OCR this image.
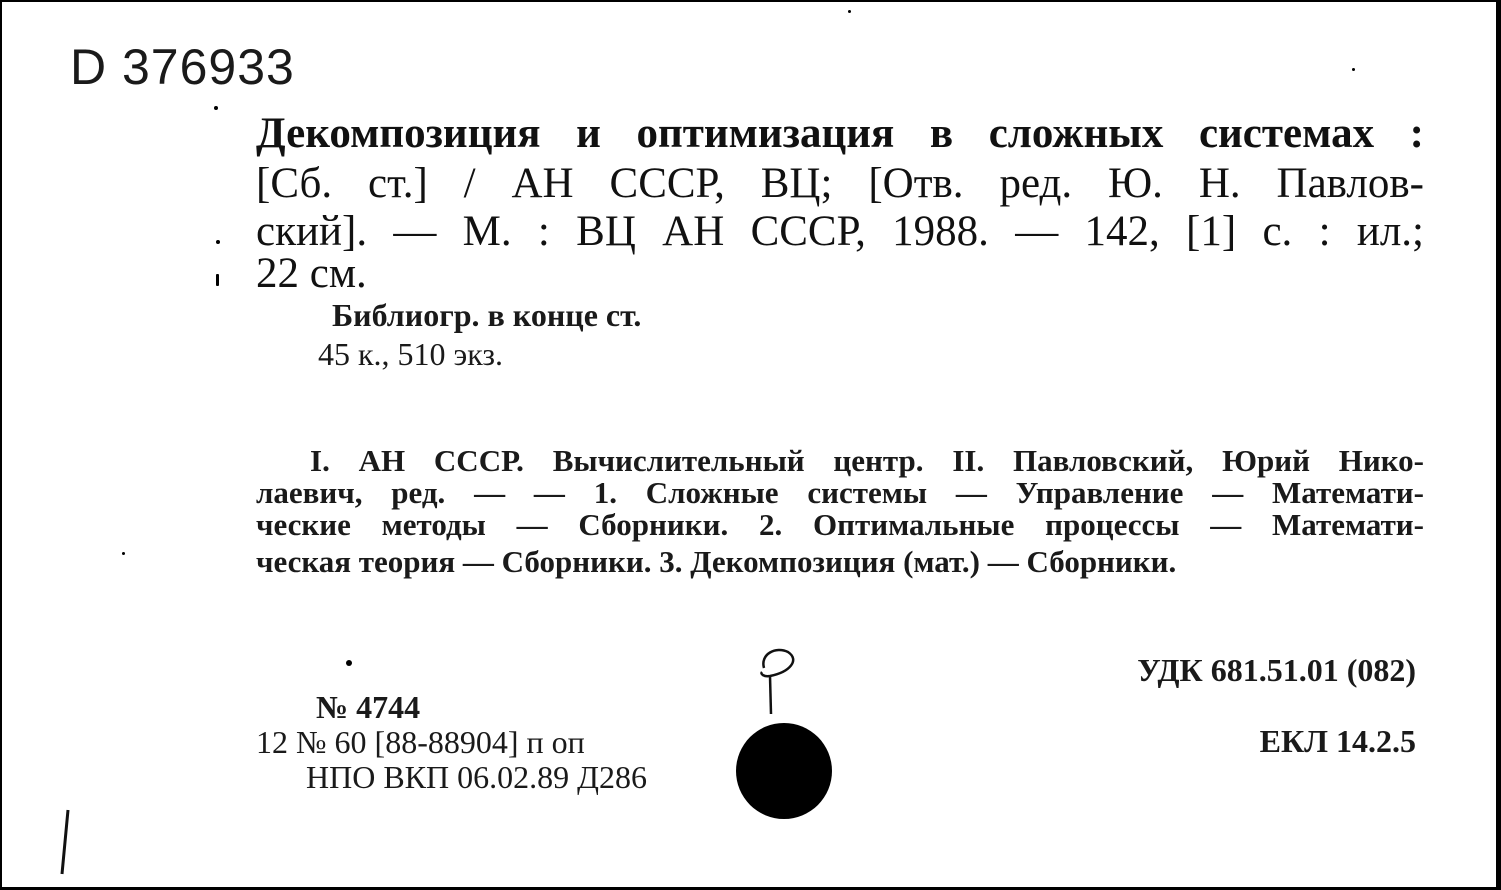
D 376933
Декомпозиция и оптимизация в сложных системах :
[Сб. ст.] / АН СССР, ВЦ; [Отв. ред. Ю. Н. Павлов-
ский]. — М. : ВЦ АН СССР, 1988. — 142, [1] с. : ил.;
22 см.
Библиогр. в конце ст.
45 к., 510 экз.
I. АН СССР. Вычислительный центр. II. Павловский, Юрий Нико-
лаевич, ред. — — 1. Сложные системы — Управление — Математи-
ческие методы — Сборники. 2. Оптимальные процессы — Математи-
ческая теория — Сборники. 3. Декомпозиция (мат.) — Сборники.
№ 4744
12 № 60 [88-88904] п оп
НПО ВКП 06.02.89 Д286
УДК 681.51.01 (082)
ЕКЛ 14.2.5
